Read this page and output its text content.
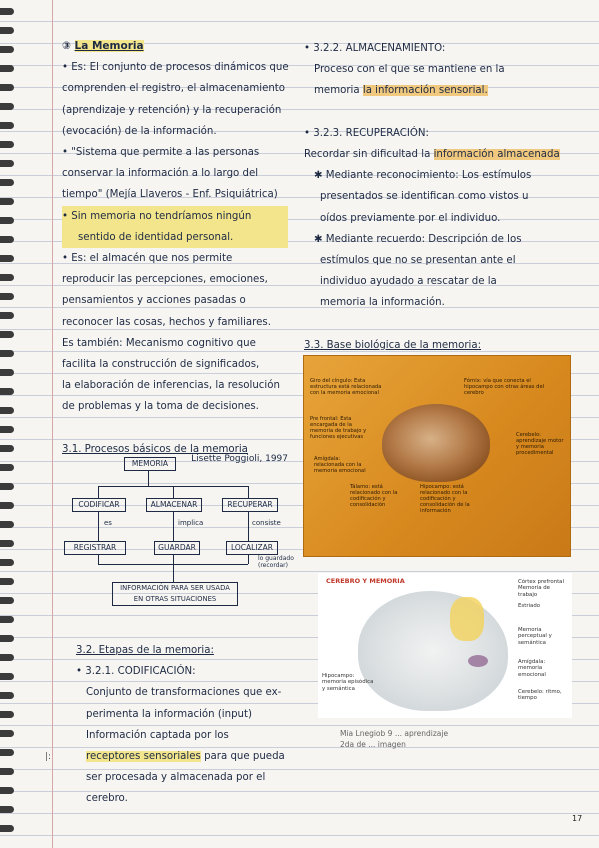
③ La Memoria
• Es: El conjunto de procesos dinámicos que
comprenden el registro, el almacenamiento
(aprendizaje y retención) y la recuperación
(evocación) de la información.
• "Sistema que permite a las personas
conservar la información a lo largo del
tiempo" (Mejía Llaveros - Enf. Psiquiátrica)
• Sin memoria no tendríamos ningún
sentido de identidad personal.
• Es: el almacén que nos permite
reproducir las percepciones, emociones,
pensamientos y acciones pasadas o
reconocer las cosas, hechos y familiares.
Es también: Mecanismo cognitivo que
facilita la construcción de significados,
la elaboración de inferencias, la resolución
de problemas y la toma de decisiones.

3.1. Procesos básicos de la memoria
Lisette Poggioli, 1997
MEMORIA
CODIFICAR	ALMACENAR	RECUPERAR
es	implica	consiste
REGISTRAR	GUARDAR	LOCALIZAR
lo guardado (recordar)
INFORMACIÓN PARA SER USADA
EN OTRAS SITUACIONES
3.2. Etapas de la memoria:
• 3.2.1. CODIFICACIÓN:
Conjunto de transformaciones que ex-
perimenta la información (input)
Información captada por los
receptores sensoriales para que pueda
ser procesada y almacenada por el
cerebro.
• 3.2.2. ALMACENAMIENTO:
Proceso con el que se mantiene en la
memoria la información sensorial.

• 3.2.3. RECUPERACIÓN:
Recordar sin dificultad la información almacenada
✱ Mediante reconocimiento: Los estímulos
presentados se identifican como vistos u
oídos previamente por el individuo.
✱ Mediante recuerdo: Descripción de los
estímulos que no se presentan ante el
individuo ayudado a rescatar de la
memoria la información.

3.3. Base biológica de la memoria:
Giro del cíngulo: Esta estructura está relacionada con la memoria emocional
Fórnix: vía que conecta el hipocampo con otras áreas del cerebro
Pre frontal: Esta encargada de la memoria de trabajo y funciones ejecutivas
Amígdala: relacionada con la memoria emocional
Cerebelo: aprendizaje motor y memoria procedimental
Tálamo: está relacionado con la codificación y consolidación
Hipocampo: está relacionado con la codificación y consolidación de la información
CEREBRO Y MEMORIA	Córtex prefrontal Memoria de trabajo
Estriado
Memoria perceptual y semántica
Amígdala: memoria emocional
Cerebelo: ritmo, tiempo
Hipocampo: memoria episódica y semántica
Mia Lnegiob 9 ... aprendizaje
2da de ... imagen
|:
17
